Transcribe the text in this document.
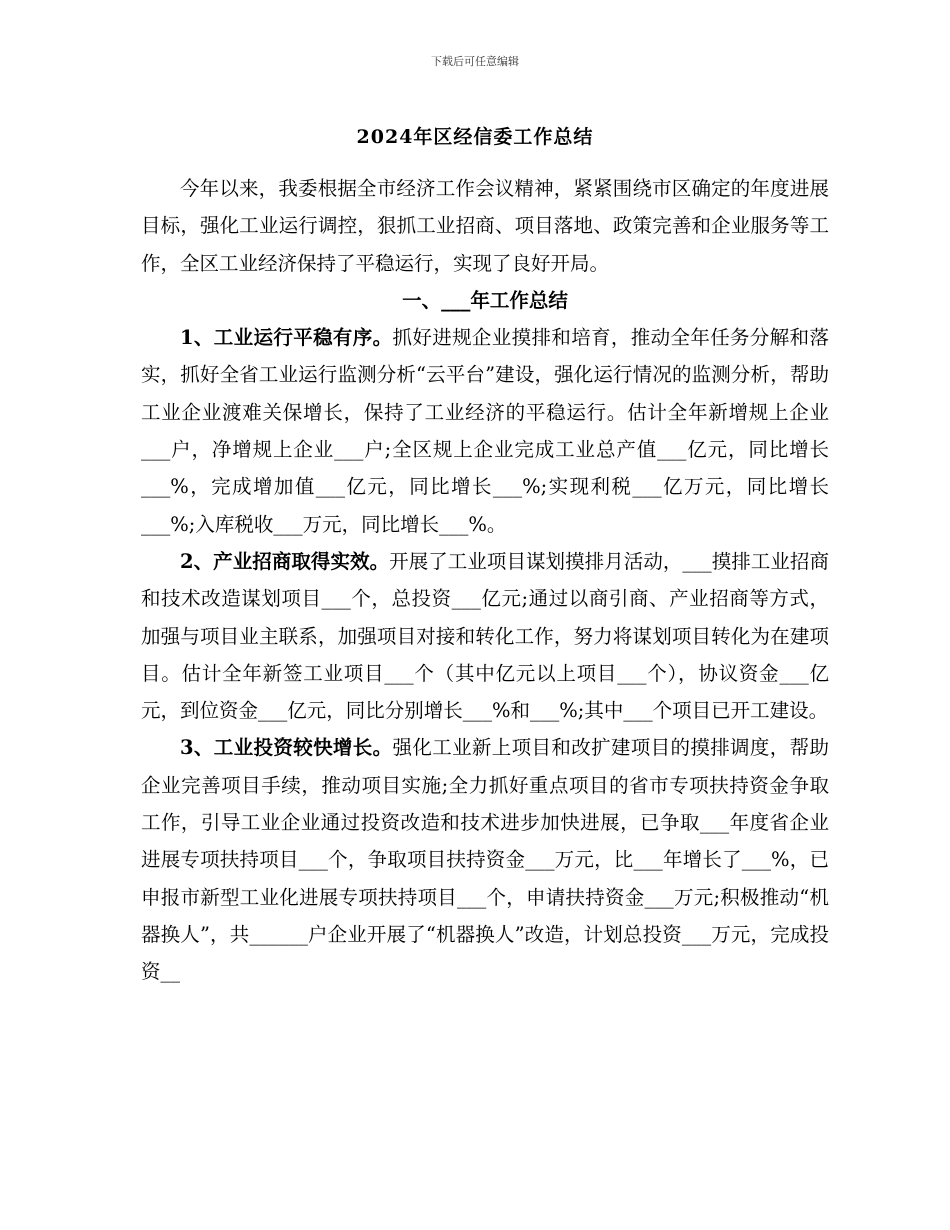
下载后可任意编辑
2024年区经信委工作总结

今年以来，我委根据全市经济工作会议精神，紧紧围绕市区确定的年度进展目标，强化工业运行调控，狠抓工业招商、项目落地、政策完善和企业服务等工作，全区工业经济保持了平稳运行，实现了良好开局。

一、___年工作总结

1、工业运行平稳有序。抓好进规企业摸排和培育，推动全年任务分解和落实，抓好全省工业运行监测分析“云平台”建设，强化运行情况的监测分析，帮助工业企业渡难关保增长，保持了工业经济的平稳运行。估计全年新增规上企业___户，净增规上企业___户;全区规上企业完成工业总产值___亿元，同比增长___%，完成增加值___亿元，同比增长___%;实现利税___亿万元，同比增长___%;入库税收___万元，同比增长___%。

2、产业招商取得实效。开展了工业项目谋划摸排月活动，___摸排工业招商和技术改造谋划项目___个，总投资___亿元;通过以商引商、产业招商等方式，加强与项目业主联系，加强项目对接和转化工作，努力将谋划项目转化为在建项目。估计全年新签工业项目___个（其中亿元以上项目___个），协议资金___亿元，到位资金___亿元，同比分别增长___%和___%;其中___个项目已开工建设。

3、工业投资较快增长。强化工业新上项目和改扩建项目的摸排调度，帮助企业完善项目手续，推动项目实施;全力抓好重点项目的省市专项扶持资金争取工作，引导工业企业通过投资改造和技术进步加快进展，已争取___年度省企业进展专项扶持项目___个，争取项目扶持资金___万元，比___年增长了___%，已申报市新型工业化进展专项扶持项目___个，申请扶持资金___万元;积极推动“机器换人”，共______户企业开展了“机器换人”改造，计划总投资___万元，完成投资__
